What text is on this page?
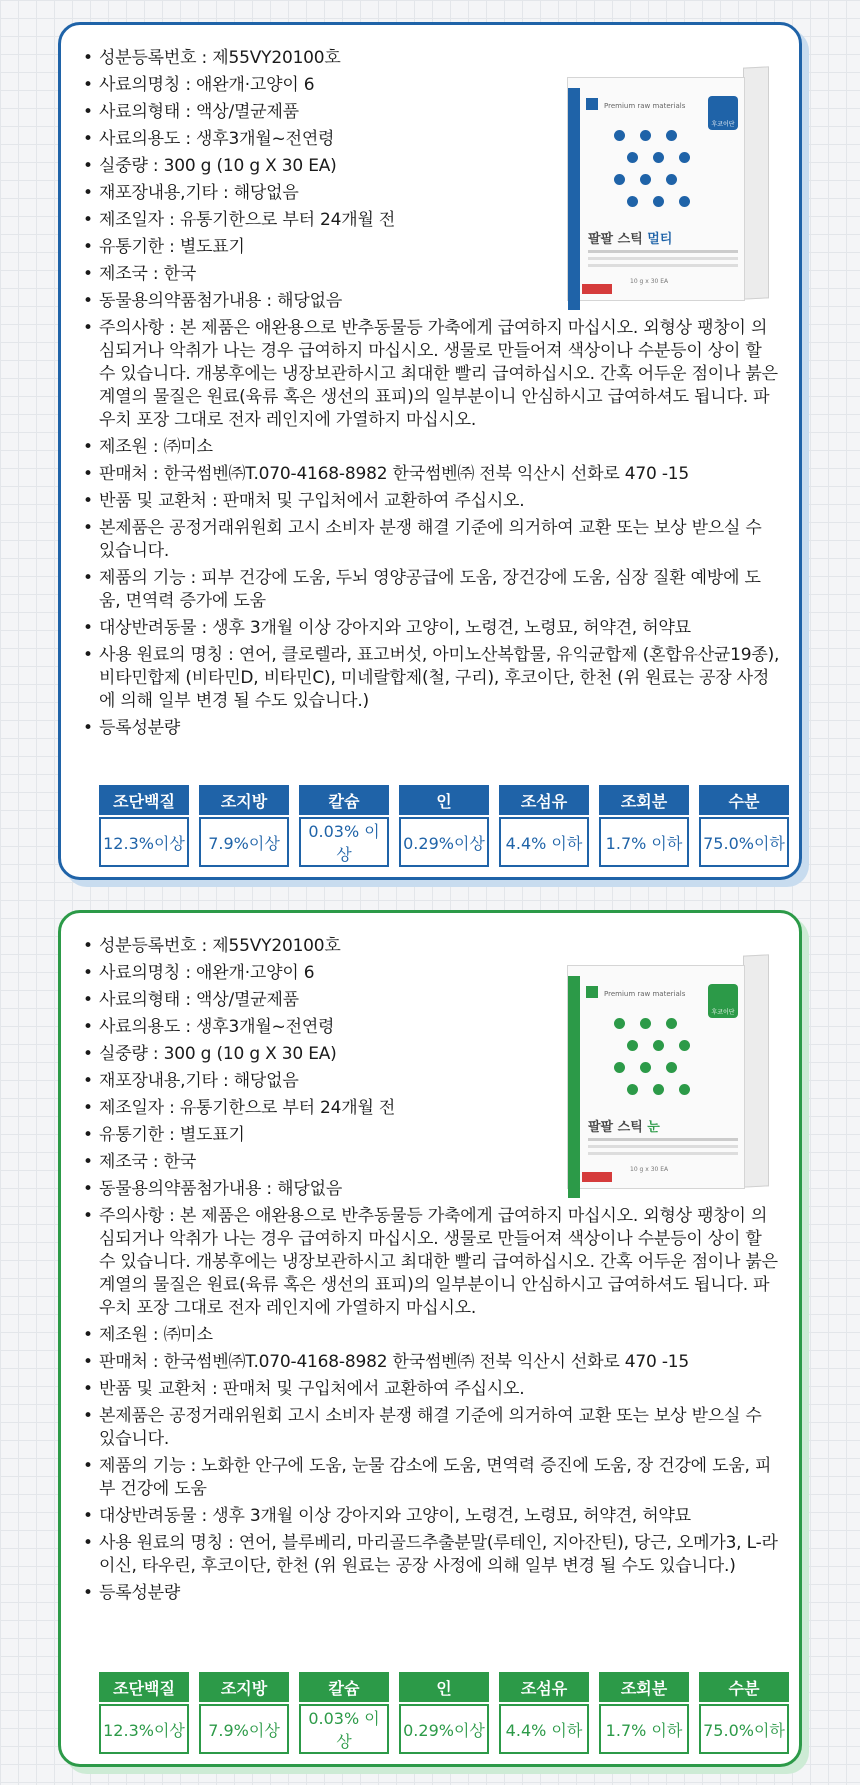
Premium raw materials
후코이단
팔팔 스틱 멀티
10 g x 30 EA
• 성분등록번호 : 제55VY20100호
• 사료의명칭 : 애완개·고양이 6
• 사료의형태 : 액상/멸균제품
• 사료의용도 : 생후3개월~전연령
• 실중량 : 300 g (10 g X 30 EA)
• 재포장내용,기타 : 해당없음
• 제조일자 : 유통기한으로 부터 24개월 전
• 유통기한 : 별도표기
• 제조국 : 한국
• 동물용의약품첨가내용 : 해당없음
• 주의사항 : 본 제품은 애완용으로 반추동물등 가축에게 급여하지 마십시오. 외형상 팽창이 의심되거나 악취가 나는 경우 급여하지 마십시오. 생물로 만들어져 색상이나 수분등이 상이 할 수 있습니다. 개봉후에는 냉장보관하시고 최대한 빨리 급여하십시오. 간혹 어두운 점이나 붉은 계열의 물질은 원료(육류 혹은 생선의 표피)의 일부분이니 안심하시고 급여하셔도 됩니다. 파우치 포장 그대로 전자 레인지에 가열하지 마십시오.
• 제조원 : ㈜미소
• 판매처 : 한국썸벤㈜T.070-4168-8982 한국썸벤㈜ 전북 익산시 선화로 470 -15
• 반품 및 교환처 : 판매처 및 구입처에서 교환하여 주십시오.
• 본제품은 공정거래위원회 고시 소비자 분쟁 해결 기준에 의거하여 교환 또는 보상 받으실 수 있습니다.
• 제품의 기능 : 피부 건강에 도움, 두뇌 영양공급에 도움, 장건강에 도움, 심장 질환 예방에 도움, 면역력 증가에 도움
• 대상반려동물 : 생후 3개월 이상 강아지와 고양이, 노령견, 노령묘, 허약견, 허약묘
• 사용 원료의 명칭 : 연어, 클로렐라, 표고버섯, 아미노산복합물, 유익균합제 (혼합유산균19종), 비타민합제 (비타민D, 비타민C), 미네랄합제(철, 구리), 후코이단, 한천 (위 원료는 공장 사정에 의해 일부 변경 될 수도 있습니다.)
• 등록성분량
조단백질	조지방	칼슘	인	조섬유	조회분	수분
12.3%이상	7.9%이상	0.03% 이상	0.29%이상	4.4% 이하	1.7% 이하	75.0%이하
Premium raw materials
후코이단
팔팔 스틱 눈
10 g x 30 EA
• 성분등록번호 : 제55VY20100호
• 사료의명칭 : 애완개·고양이 6
• 사료의형태 : 액상/멸균제품
• 사료의용도 : 생후3개월~전연령
• 실중량 : 300 g (10 g X 30 EA)
• 재포장내용,기타 : 해당없음
• 제조일자 : 유통기한으로 부터 24개월 전
• 유통기한 : 별도표기
• 제조국 : 한국
• 동물용의약품첨가내용 : 해당없음
• 주의사항 : 본 제품은 애완용으로 반추동물등 가축에게 급여하지 마십시오. 외형상 팽창이 의심되거나 악취가 나는 경우 급여하지 마십시오. 생물로 만들어져 색상이나 수분등이 상이 할 수 있습니다. 개봉후에는 냉장보관하시고 최대한 빨리 급여하십시오. 간혹 어두운 점이나 붉은 계열의 물질은 원료(육류 혹은 생선의 표피)의 일부분이니 안심하시고 급여하셔도 됩니다. 파우치 포장 그대로 전자 레인지에 가열하지 마십시오.
• 제조원 : ㈜미소
• 판매처 : 한국썸벤㈜T.070-4168-8982 한국썸벤㈜ 전북 익산시 선화로 470 -15
• 반품 및 교환처 : 판매처 및 구입처에서 교환하여 주십시오.
• 본제품은 공정거래위원회 고시 소비자 분쟁 해결 기준에 의거하여 교환 또는 보상 받으실 수 있습니다.
• 제품의 기능 : 노화한 안구에 도움, 눈물 감소에 도움, 면역력 증진에 도움, 장 건강에 도움, 피부 건강에 도움
• 대상반려동물 : 생후 3개월 이상 강아지와 고양이, 노령견, 노령묘, 허약견, 허약묘
• 사용 원료의 명칭 : 연어, 블루베리, 마리골드추출분말(루테인, 지아잔틴), 당근, 오메가3, L-라이신, 타우린, 후코이단, 한천 (위 원료는 공장 사정에 의해 일부 변경 될 수도 있습니다.)
• 등록성분량
조단백질	조지방	칼슘	인	조섬유	조회분	수분
12.3%이상	7.9%이상	0.03% 이상	0.29%이상	4.4% 이하	1.7% 이하	75.0%이하
